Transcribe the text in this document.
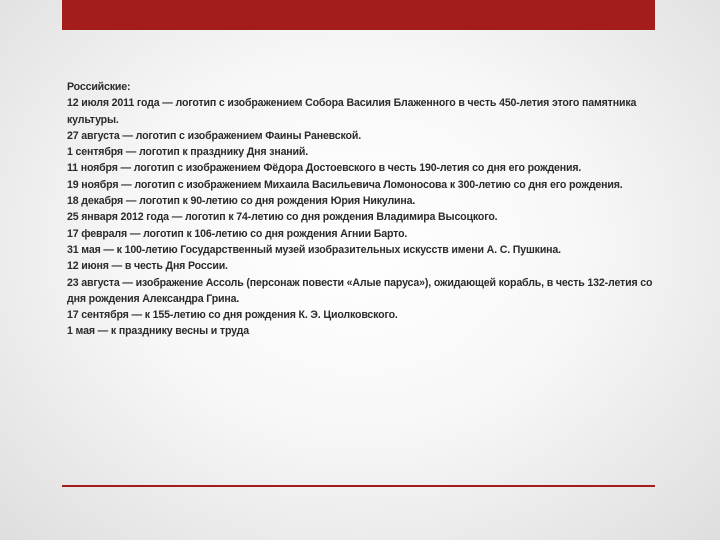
Российские:

12 июля 2011 года — логотип с изображением Собора Василия Блаженного в честь 450-летия этого памятника культуры.

27 августа — логотип с изображением Фаины Раневской.

1 сентября — логотип к празднику Дня знаний.

11 ноября — логотип с изображением Фёдора Достоевского в честь 190-летия со дня его рождения.

19 ноября — логотип с изображением Михаила Васильевича Ломоносова к 300-летию со дня его рождения.

18 декабря — логотип к 90-летию со дня рождения Юрия Никулина.

25 января 2012 года — логотип к 74-летию со дня рождения Владимира Высоцкого.

17 февраля — логотип к 106-летию со дня рождения Агнии Барто.

31 мая — к 100-летию Государственный музей изобразительных искусств имени А. С. Пушкина.

12 июня — в честь Дня России.

23 августа — изображение Ассоль (персонаж повести «Алые паруса»), ожидающей корабль, в честь 132-летия со дня рождения Александра Грина.

17 сентября — к 155-летию со дня рождения К. Э. Циолковского.

1 мая — к празднику весны и труда
